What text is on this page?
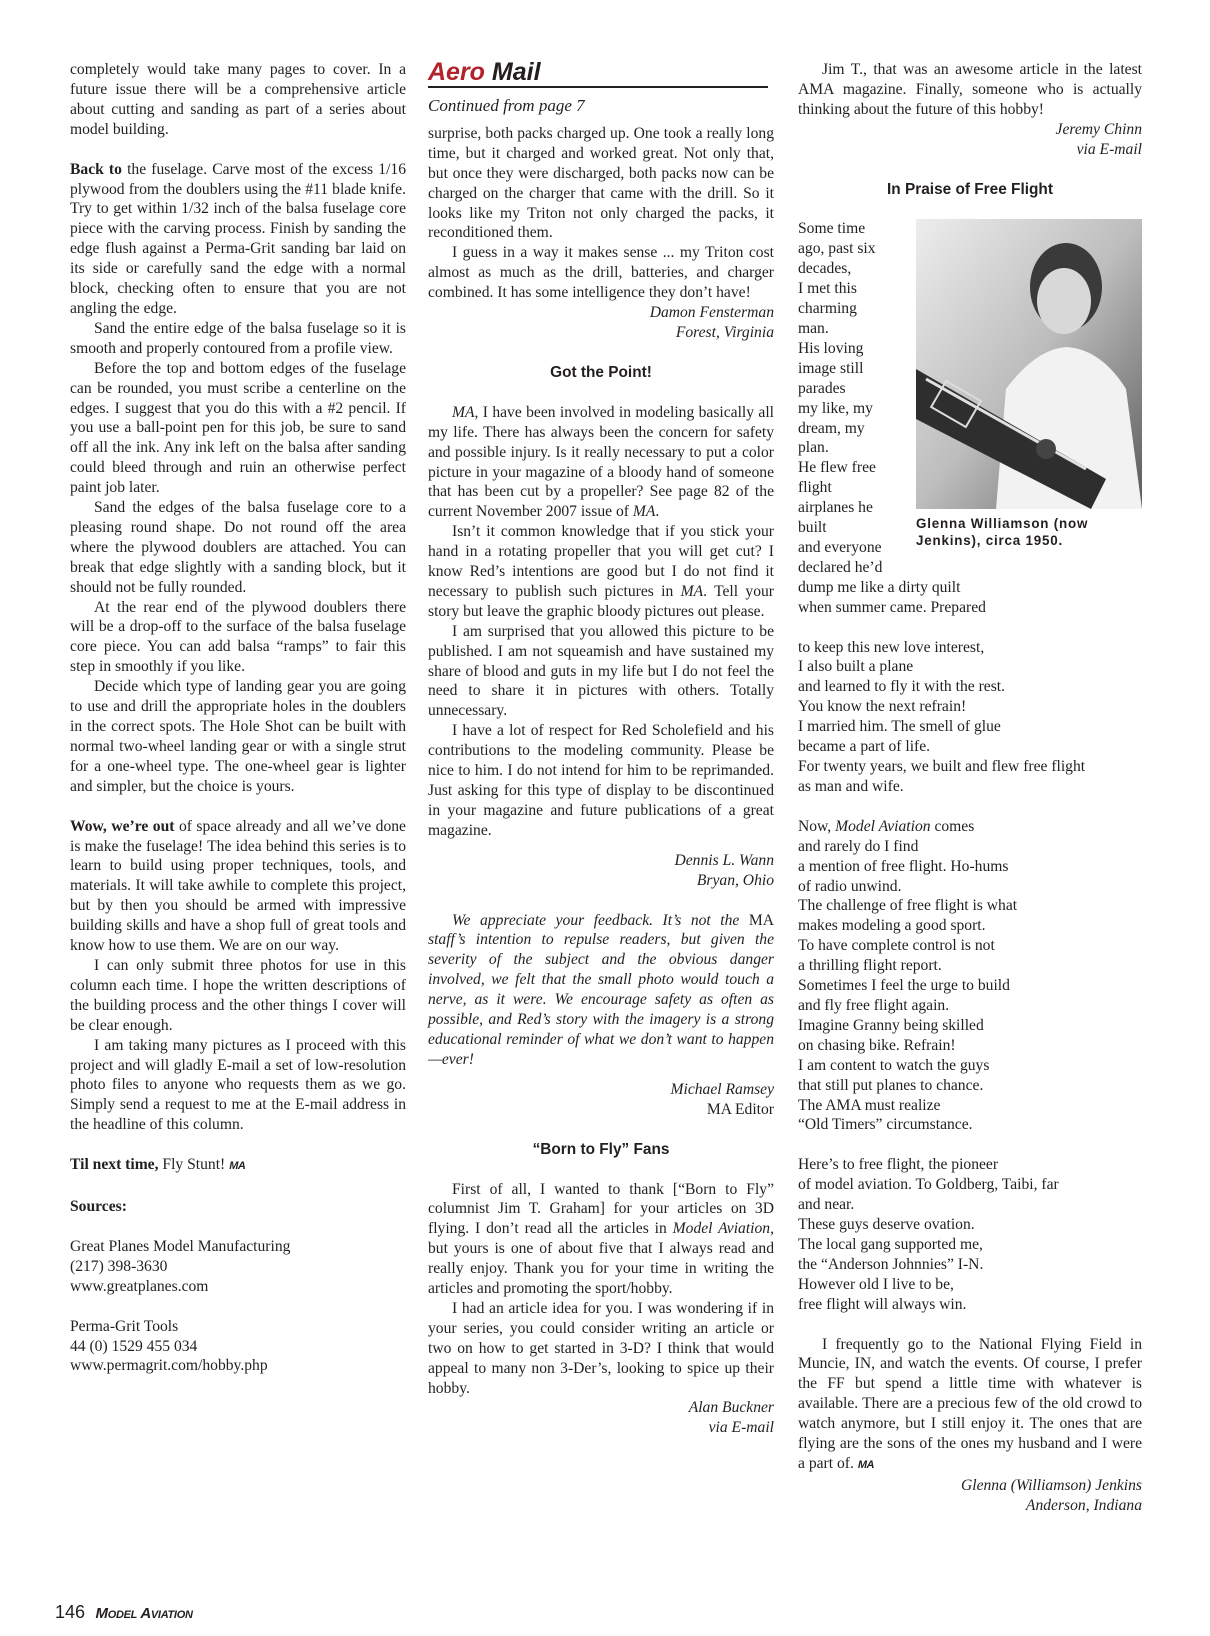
completely would take many pages to cover. In a future issue there will be a comprehensive article about cutting and sanding as part of a series about model building.

Back to the fuselage. Carve most of the excess 1/16 plywood from the doublers using the #11 blade knife. Try to get within 1/32 inch of the balsa fuselage core piece with the carving process. Finish by sanding the edge flush against a Perma-Grit sanding bar laid on its side or carefully sand the edge with a normal block, checking often to ensure that you are not angling the edge.

Sand the entire edge of the balsa fuselage so it is smooth and properly contoured from a profile view.

Before the top and bottom edges of the fuselage can be rounded, you must scribe a centerline on the edges. I suggest that you do this with a #2 pencil. If you use a ball-point pen for this job, be sure to sand off all the ink. Any ink left on the balsa after sanding could bleed through and ruin an otherwise perfect paint job later.

Sand the edges of the balsa fuselage core to a pleasing round shape. Do not round off the area where the plywood doublers are attached. You can break that edge slightly with a sanding block, but it should not be fully rounded.

At the rear end of the plywood doublers there will be a drop-off to the surface of the balsa fuselage core piece. You can add balsa “ramps” to fair this step in smoothly if you like.

Decide which type of landing gear you are going to use and drill the appropriate holes in the doublers in the correct spots. The Hole Shot can be built with normal two-wheel landing gear or with a single strut for a one-wheel type. The one-wheel gear is lighter and simpler, but the choice is yours.

Wow, we’re out of space already and all we’ve done is make the fuselage! The idea behind this series is to learn to build using proper techniques, tools, and materials. It will take awhile to complete this project, but by then you should be armed with impressive building skills and have a shop full of great tools and know how to use them. We are on our way.

I can only submit three photos for use in this column each time. I hope the written descriptions of the building process and the other things I cover will be clear enough.

I am taking many pictures as I proceed with this project and will gladly E-mail a set of low-resolution photo files to anyone who requests them as we go. Simply send a request to me at the E-mail address in the headline of this column.

Til next time, Fly Stunt! MA

Sources:

Great Planes Model Manufacturing

(217) 398-3630

www.greatplanes.com

Perma-Grit Tools

44 (0) 1529 455 034

www.permagrit.com/hobby.php

Aero Mail
Continued from page 7

surprise, both packs charged up. One took a really long time, but it charged and worked great. Not only that, but once they were discharged, both packs now can be charged on the charger that came with the drill. So it looks like my Triton not only charged the packs, it reconditioned them.

I guess in a way it makes sense ... my Triton cost almost as much as the drill, batteries, and charger combined. It has some intelligence they don’t have!

Damon Fensterman

Forest, Virginia

Got the Point!

MA, I have been involved in modeling basically all my life. There has always been the concern for safety and possible injury. Is it really necessary to put a color picture in your magazine of a bloody hand of someone that has been cut by a propeller? See page 82 of the current November 2007 issue of MA.

Isn’t it common knowledge that if you stick your hand in a rotating propeller that you will get cut? I know Red’s intentions are good but I do not find it necessary to publish such pictures in MA. Tell your story but leave the graphic bloody pictures out please.

I am surprised that you allowed this picture to be published. I am not squeamish and have sustained my share of blood and guts in my life but I do not feel the need to share it in pictures with others. Totally unnecessary.

I have a lot of respect for Red Scholefield and his contributions to the modeling community. Please be nice to him. I do not intend for him to be reprimanded. Just asking for this type of display to be discontinued in your magazine and future publications of a great magazine.

Dennis L. Wann

Bryan, Ohio

We appreciate your feedback. It’s not the MA staff’s intention to repulse readers, but given the severity of the subject and the obvious danger involved, we felt that the small photo would touch a nerve, as it were. We encourage safety as often as possible, and Red’s story with the imagery is a strong educational reminder of what we don’t want to happen—ever!

Michael Ramsey

MA Editor

“Born to Fly” Fans

First of all, I wanted to thank [“Born to Fly” columnist Jim T. Graham] for your articles on 3D flying. I don’t read all the articles in Model Aviation, but yours is one of about five that I always read and really enjoy. Thank you for your time in writing the articles and promoting the sport/hobby.

I had an article idea for you. I was wondering if in your series, you could consider writing an article or two on how to get started in 3-D? I think that would appeal to many non 3-Der’s, looking to spice up their hobby.

Alan Buckner

via E-mail

Jim T., that was an awesome article in the latest AMA magazine. Finally, someone who is actually thinking about the future of this hobby!

Jeremy Chinn

via E-mail

In Praise of Free Flight

Glenna Williamson (now Jenkins), circa 1950.

Some time

ago, past six

decades,

I met this

charming

man.

His loving

image still

parades

my like, my

dream, my

plan.

He flew free

flight

airplanes he

built

and everyone

declared he’d

dump me like a dirty quilt

when summer came. Prepared

to keep this new love interest,

I also built a plane

and learned to fly it with the rest.

You know the next refrain!

I married him. The smell of glue

became a part of life.

For twenty years, we built and flew free flight

as man and wife.

Now, Model Aviation comes

and rarely do I find

a mention of free flight. Ho-hums

of radio unwind.

The challenge of free flight is what

makes modeling a good sport.

To have complete control is not

a thrilling flight report.

Sometimes I feel the urge to build

and fly free flight again.

Imagine Granny being skilled

on chasing bike. Refrain!

I am content to watch the guys

that still put planes to chance.

The AMA must realize

“Old Timers” circumstance.

Here’s to free flight, the pioneer

of model aviation. To Goldberg, Taibi, far

and near.

These guys deserve ovation.

The local gang supported me,

the “Anderson Johnnies” I-N.

However old I live to be,

free flight will always win.

I frequently go to the National Flying Field in Muncie, IN, and watch the events. Of course, I prefer the FF but spend a little time with whatever is available. There are a precious few of the old crowd to watch anymore, but I still enjoy it. The ones that are flying are the sons of the ones my husband and I were a part of. MA

Glenna (Williamson) Jenkins

Anderson, Indiana

146 Model Aviation
